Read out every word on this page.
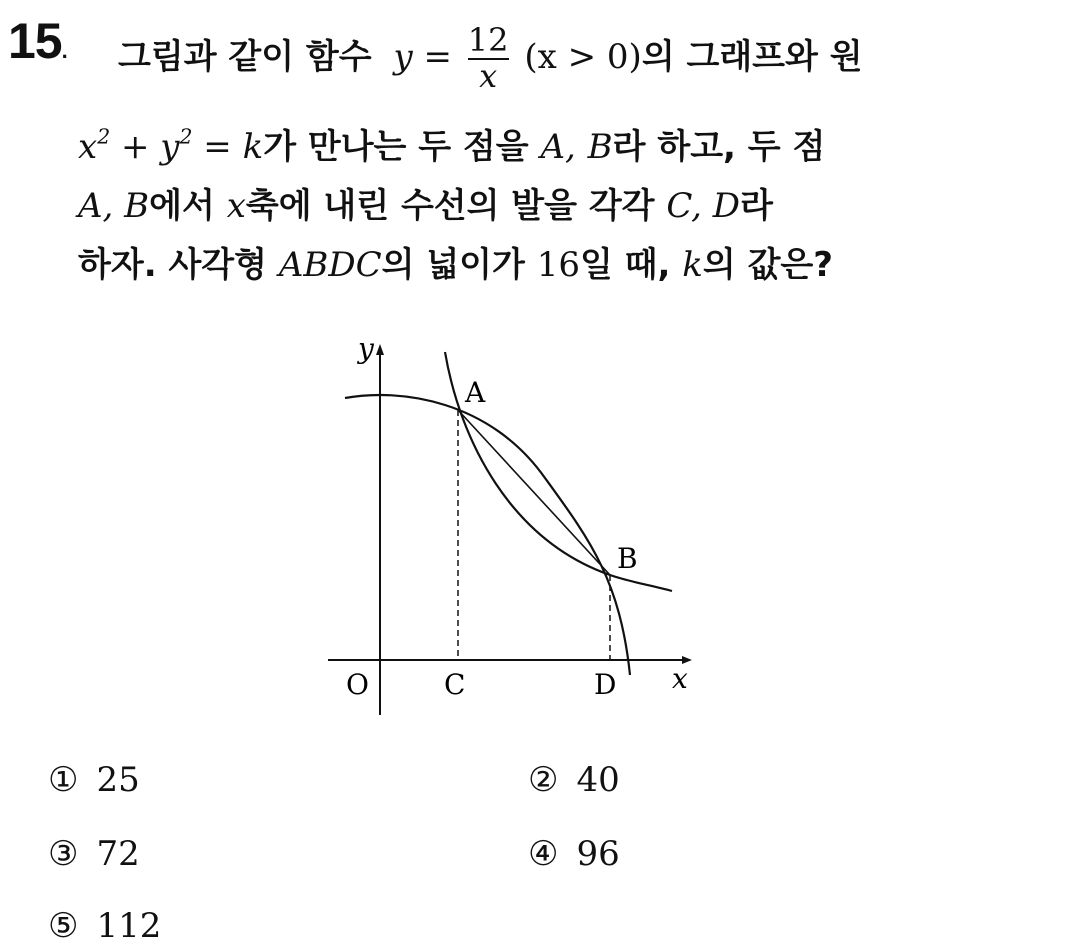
15. 그림과 같이 함수 $y = \frac{12}{x} (x > 0)$의 그래프와 원
$x^2 + y^2 = k$가 만나는 두 점을 A, B라 하고, 두 점
A, B에서 x축에 내린 수선의 발을 각각 C, D라
하자. 사각형 ABDC의 넓이가 16일 때, k의 값은?
y
x
O
A
B
C	D
① 25	② 40
③ 72	④ 96
⑤ 112
